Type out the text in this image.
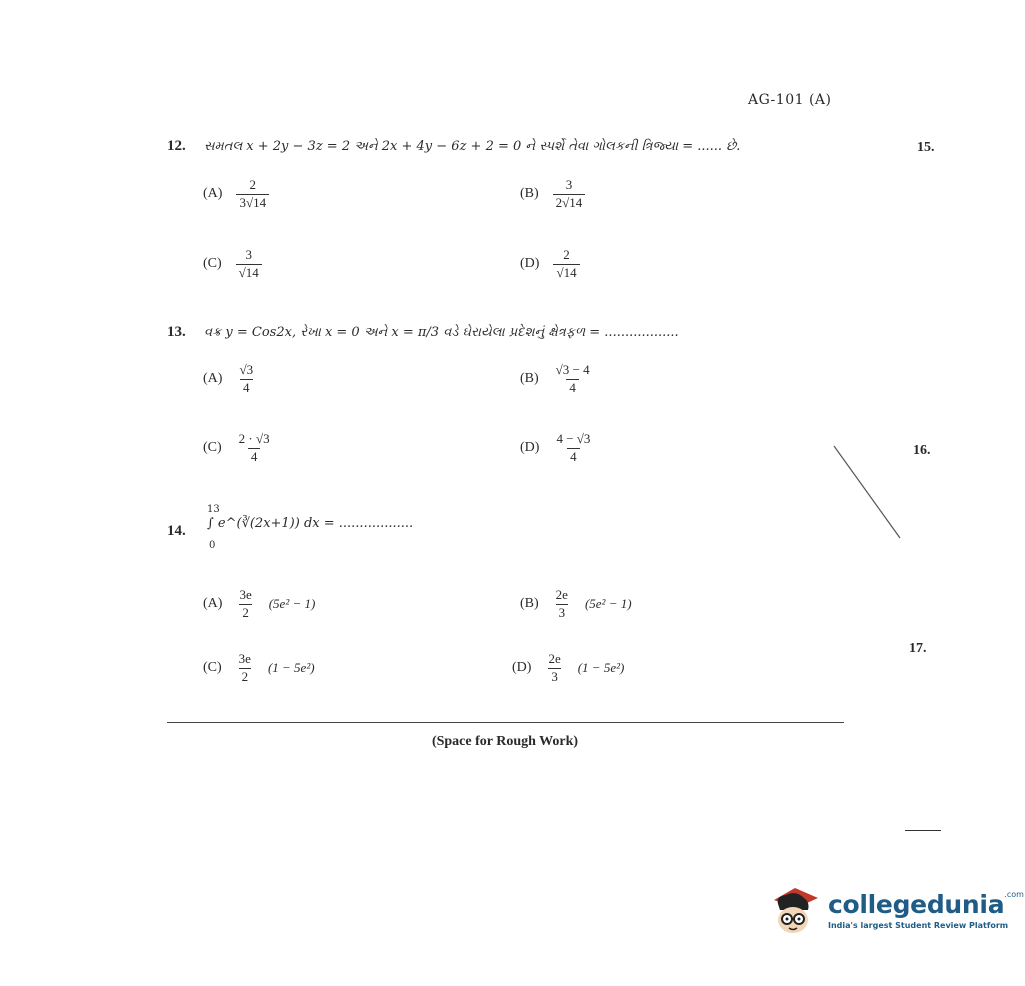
AG-101 (A)
15.
16.
17.
12. સમતલ x + 2y − 3z = 2 અને 2x + 4y − 6z + 2 = 0 ને સ્પર્શે તેવા ગોલકની ત્રિજ્યા = ...... છે.
$(A) \frac{2}{3√14}$	$(B) \frac{3}{2√14}$
$(C) \frac{3}{√14}$	$(D) \frac{2}{√14}$
13. વક્ર y = Cos2x, રેખા x = 0 અને x = π/3 વડે ઘેરાયેલા પ્રદેશનું ક્ષેત્રફળ = ..................
$(A) \frac{√3}{4}$	$(B) \frac{√3 - 4}{4}$
$(C) \frac{2 \cdot √3}{4}$	$(D) \frac{4 - √3}{4}$
14.
13
0
∫ e^(∛(2x+1)) dx = ..................
$(A) \frac{3e}{2} (5e^2 - 1)$	$(B) \frac{2e}{3} (5e^2 - 1)$
$(C) \frac{3e}{2} (1 - 5e^2)$	$(D) \frac{2e}{3} (1 - 5e^2)$
(Space for Rough Work)
collegedunia$^{.com}$
India's largest Student Review Platform
